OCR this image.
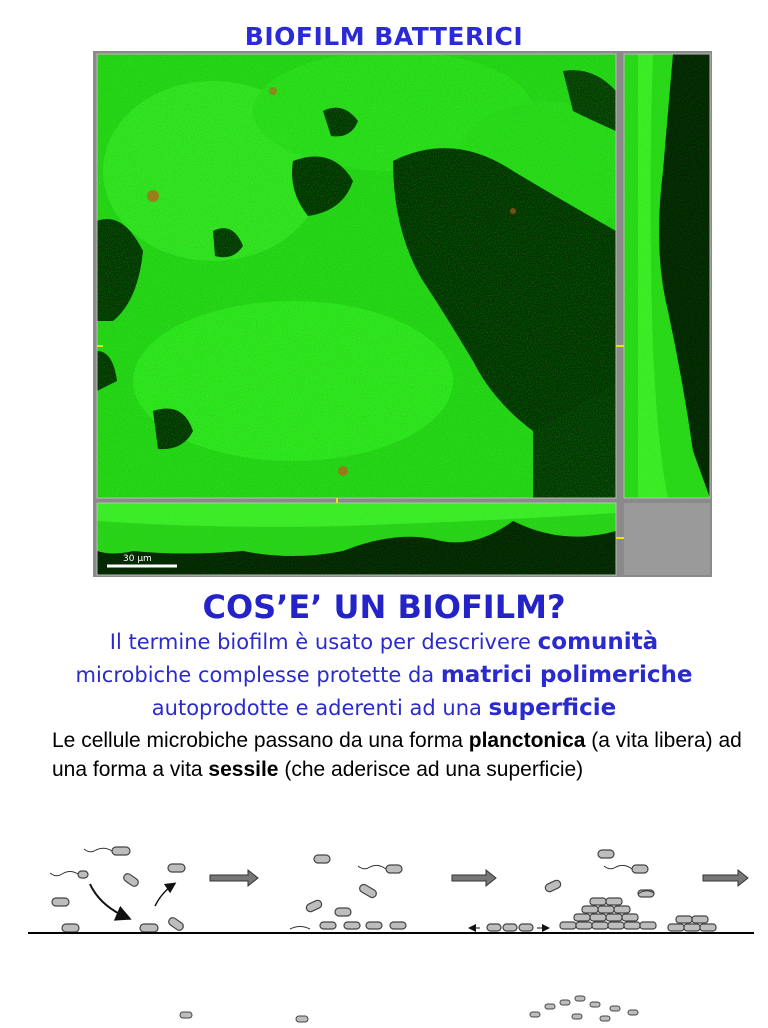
BIOFILM BATTERICI
30 μm
COS’E’ UN BIOFILM?
Il termine biofilm è usato per descrivere comunità
microbiche complesse protette da matrici polimeriche
autoprodotte e aderenti ad una superficie
Le cellule microbiche passano da una forma planctonica (a vita libera) ad una forma a vita sessile (che aderisce ad una superficie)
